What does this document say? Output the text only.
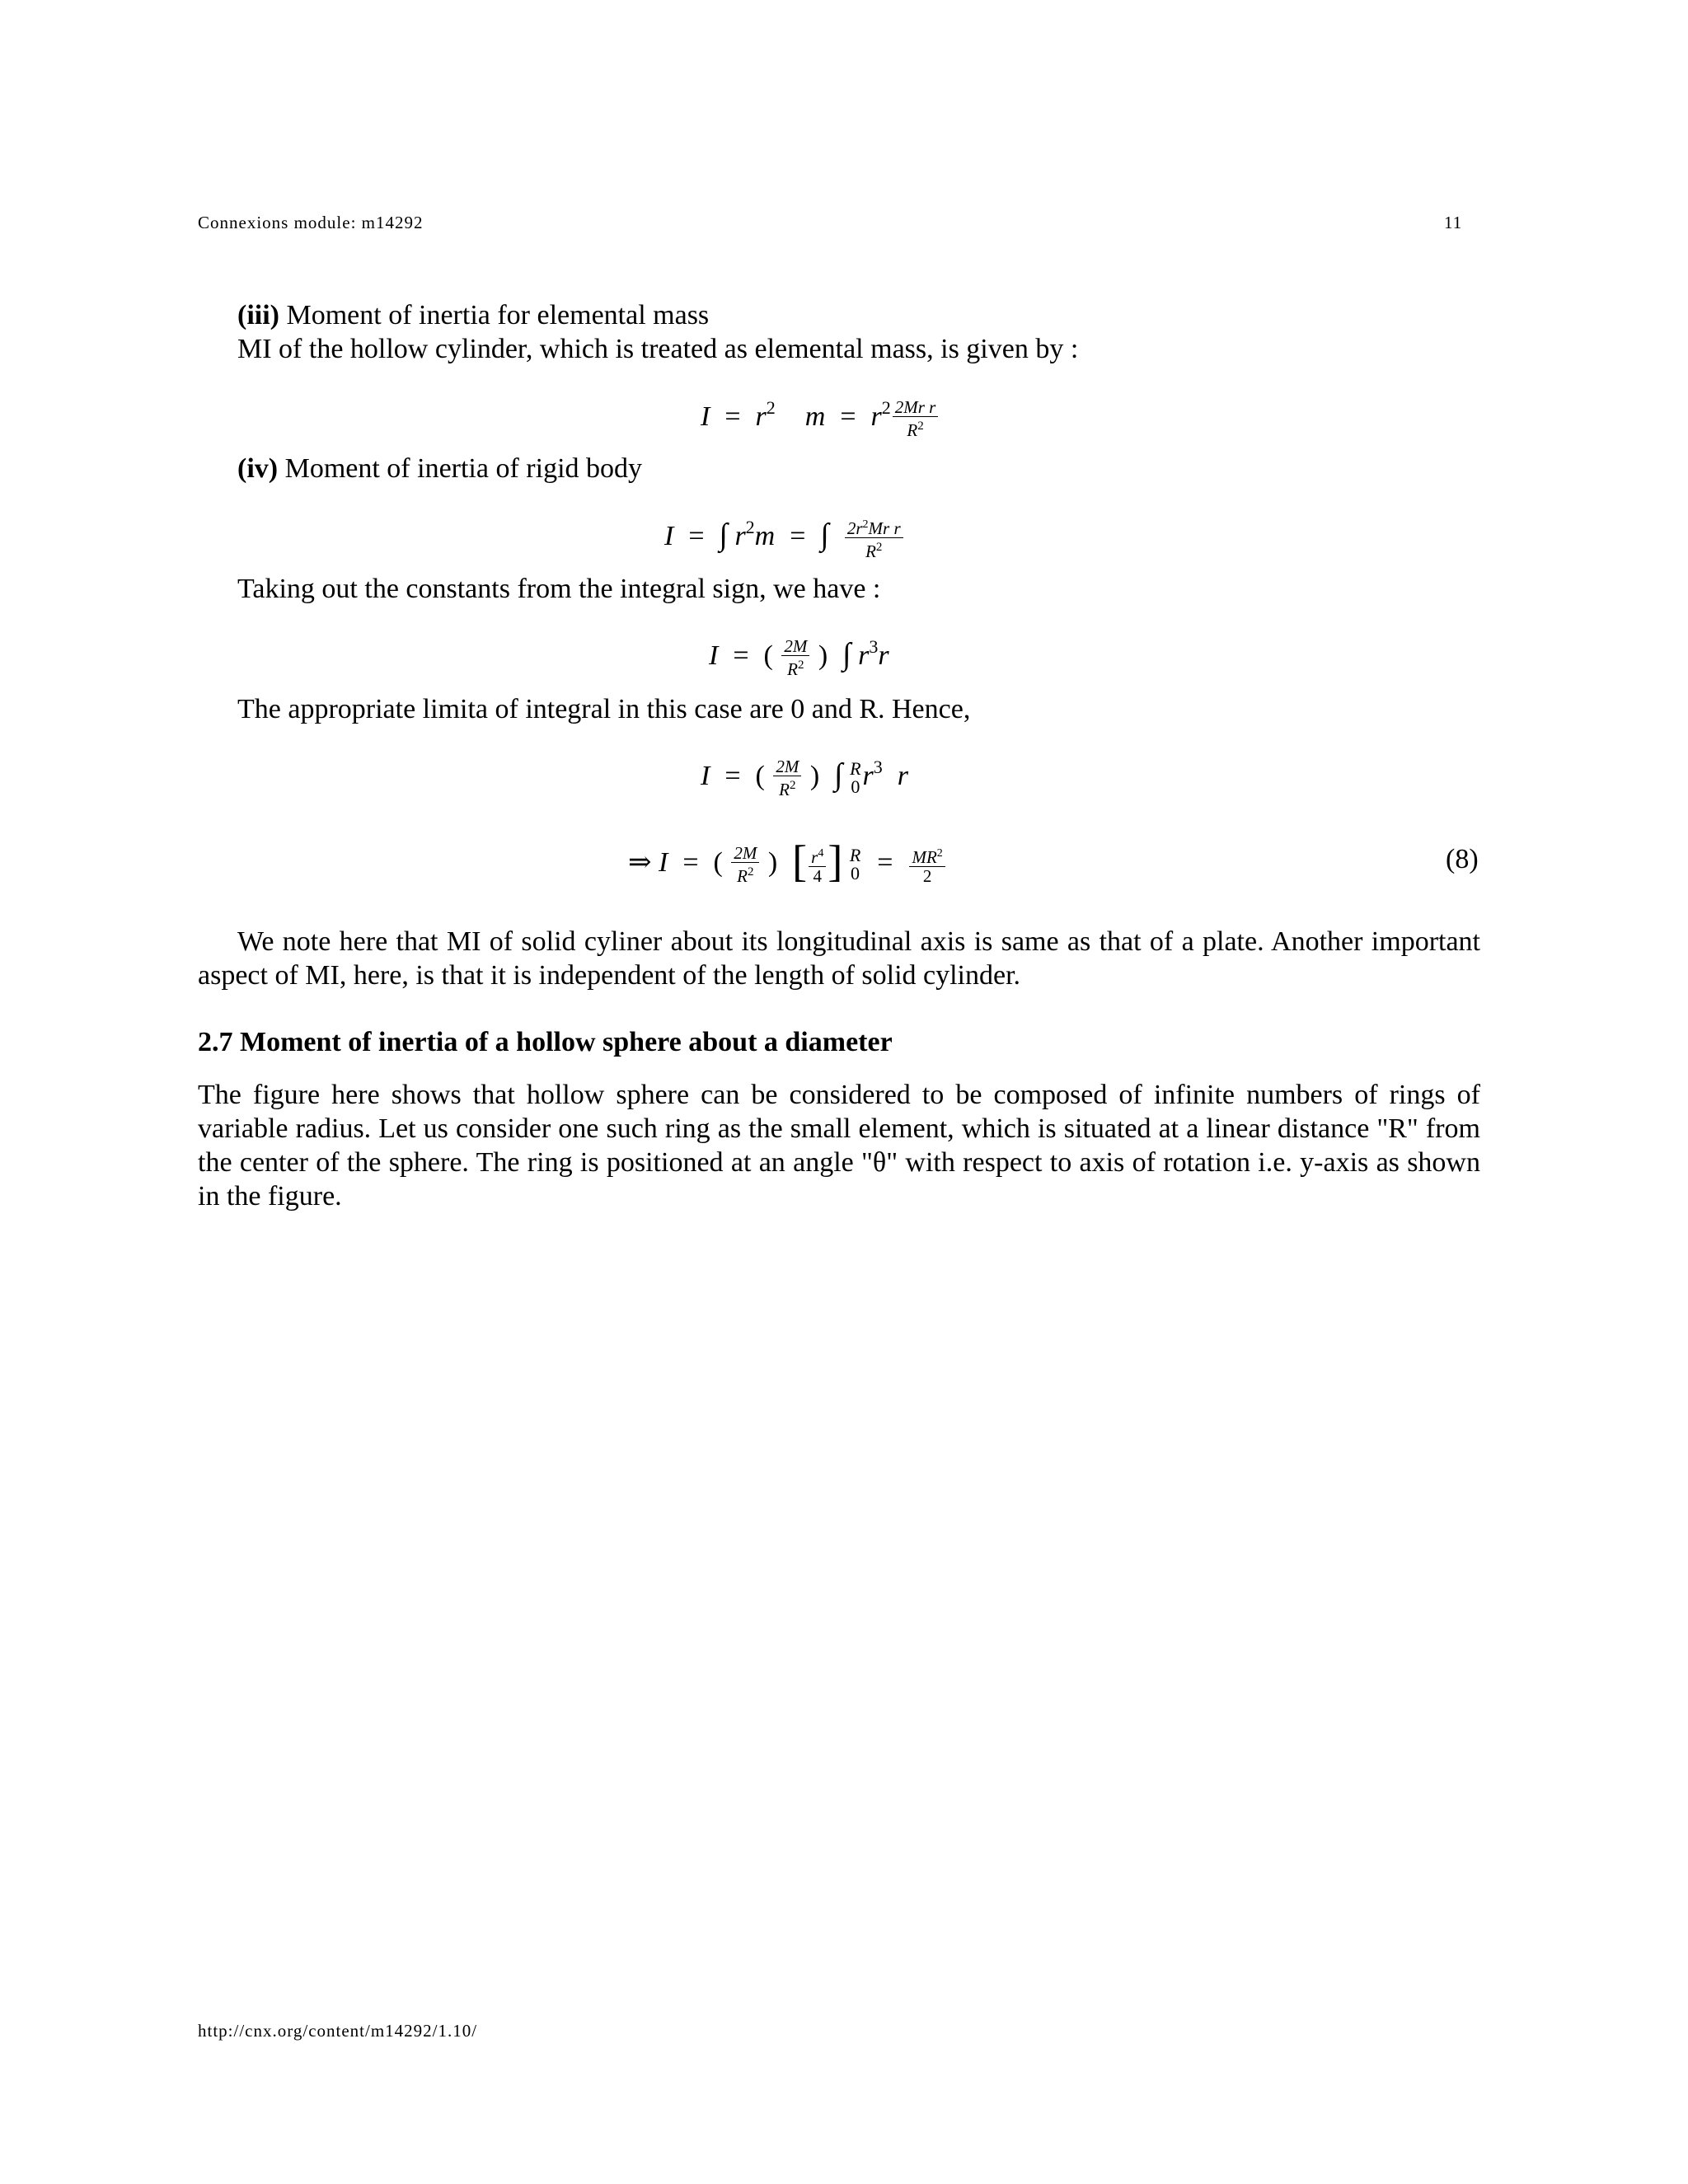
Connexions module: m14292	11
(iii) Moment of inertia for elemental mass
MI of the hollow cylinder, which is treated as elemental mass, is given by :
$I = r^2$ $m = r^2 \frac{\text{2Mr r}}{R^2}$
(iv) Moment of inertia of rigid body
I = ∫ $r^2m$ = ∫ $\frac{2r^2Mr r}{R^2}$
Taking out the constants from the integral sign, we have :
I = ( $\frac{2M}{R^2}$ ) ∫ $r^3r$
The appropriate limita of integral in this case are 0 and R. Hence,
I = ( $\frac{2M}{R^2}$ ) ∫ R
0 $r^3$ r
⇒ I = ( $\frac{2M}{R^2}$ ) [ $\frac{r^4}{4}$ ] R
$0 = \frac{MR^2}{2}$	(8)
We note here that MI of solid cyliner about its longitudinal axis is same as that of a plate. Another important aspect of MI, here, is that it is independent of the length of solid cylinder.
2.7 Moment of inertia of a hollow sphere about a diameter
The figure here shows that hollow sphere can be considered to be composed of infinite numbers of rings of variable radius. Let us consider one such ring as the small element, which is situated at a linear distance "R" from the center of the sphere. The ring is positioned at an angle "θ" with respect to axis of rotation i.e. y-axis as shown in the figure.
http://cnx.org/content/m14292/1.10/
